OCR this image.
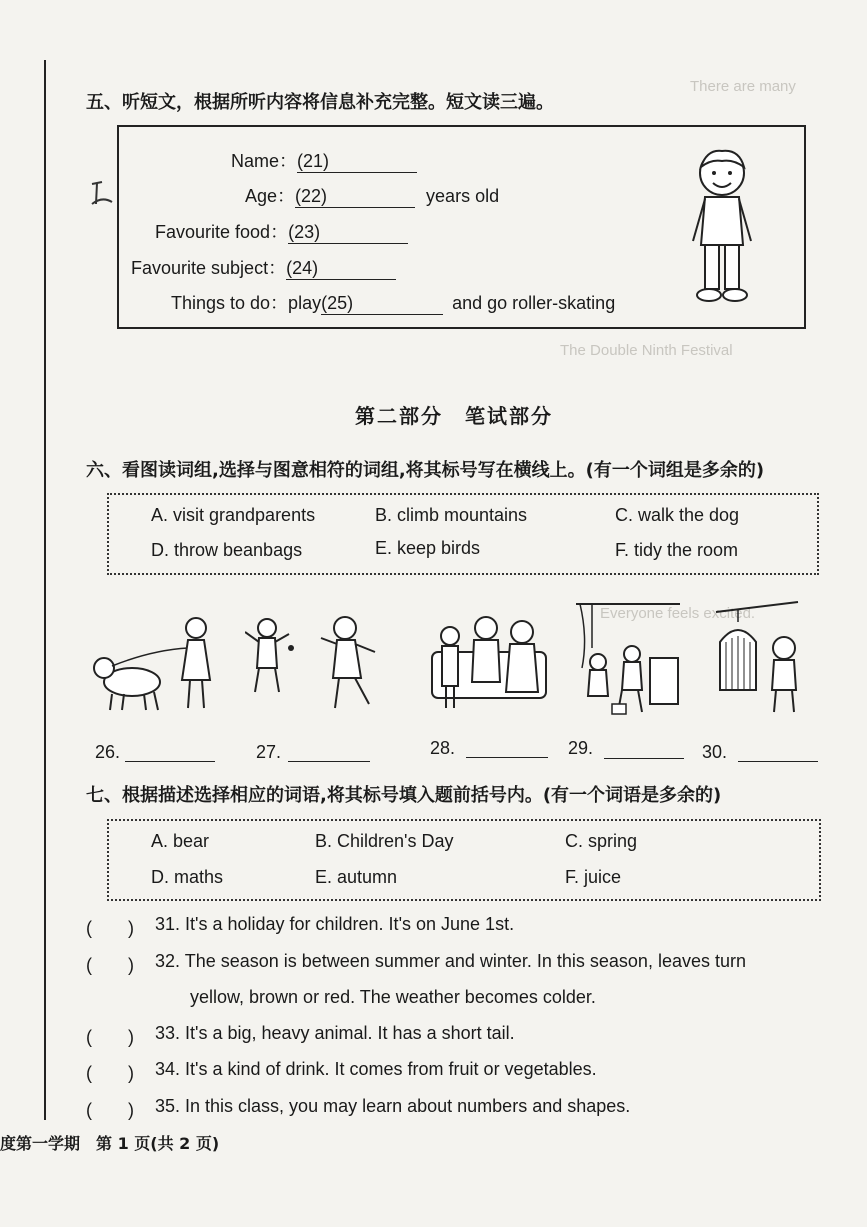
There are many
The Double Ninth Festival
Everyone feels excited.
五、听短文，根据所听内容将信息补充完整。短文读三遍。
Name：(21)
Age：(22)	years old
Favourite food：(23)
Favourite subject：(24)
Things to do：play(25)	and go roller-skating
第二部分　笔试部分
六、看图读词组,选择与图意相符的词组,将其标号写在横线上。(有一个词组是多余的)
A. visit grandparents	B. climb mountains	C. walk the dog
D. throw beanbags	E. keep birds	F. tidy the room
26.	27.	28.	29.	30.
七、根据描述选择相应的词语,将其标号填入题前括号内。(有一个词语是多余的)
A. bear	B. Children's Day	C. spring
D. maths	E. autumn	F. juice
(　　) 31. It's a holiday for children. It's on June 1st.
(　　) 32. The season is between summer and winter. In this season, leaves turn
yellow, brown or red. The weather becomes colder.
(　　) 33. It's a big, heavy animal. It has a short tail.
(　　) 34. It's a kind of drink. It comes from fruit or vegetables.
(　　) 35. In this class, you may learn about numbers and shapes.
度第一学期　第 1 页(共 2 页)
